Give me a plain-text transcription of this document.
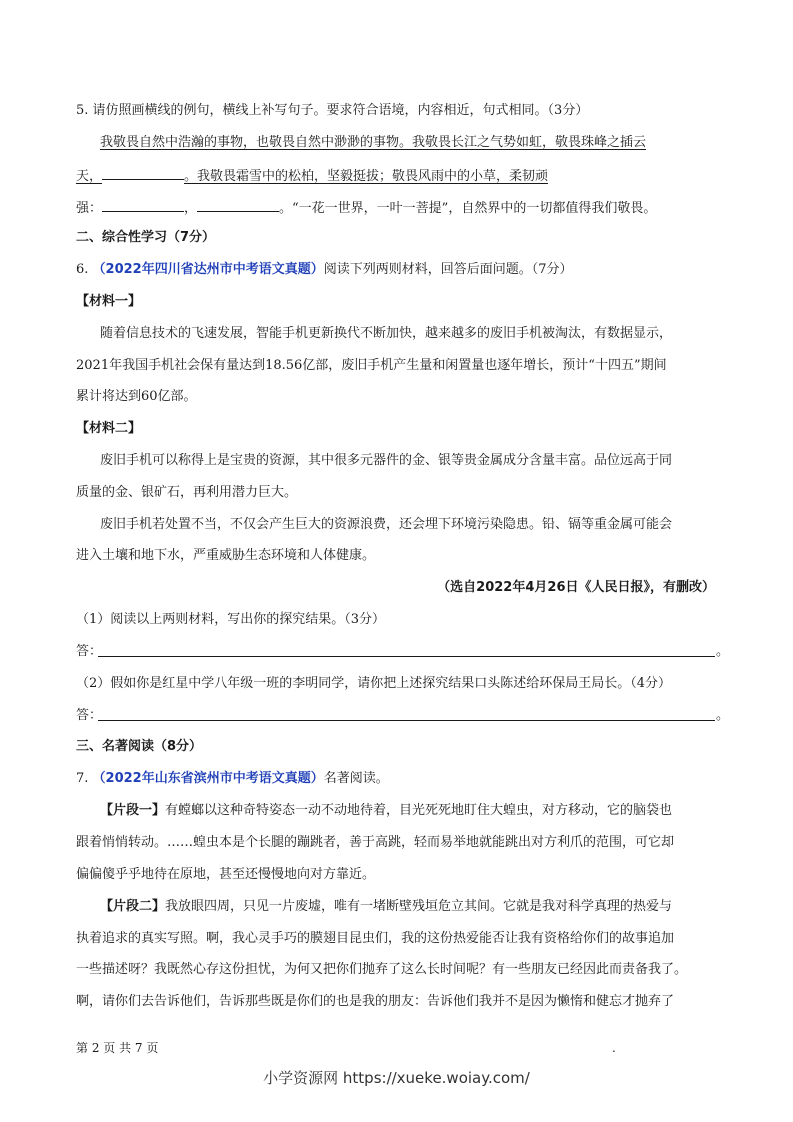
5. 请仿照画横线的例句，横线上补写句子。要求符合语境，内容相近，句式相同。（3分）
我敬畏自然中浩瀚的事物，也敬畏自然中渺渺的事物。我敬畏长江之气势如虹，敬畏珠峰之插云
天，	。我敬畏霜雪中的松柏，坚毅挺拔；敬畏风雨中的小草，柔韧顽
强：	，	。“一花一世界，一叶一菩提”，自然界中的一切都值得我们敬畏。
二、综合性学习（7分）
6. （2022年四川省达州市中考语文真题）阅读下列两则材料，回答后面问题。（7分）
【材料一】
随着信息技术的飞速发展，智能手机更新换代不断加快，越来越多的废旧手机被淘汰，有数据显示，
2021年我国手机社会保有量达到18.56亿部，废旧手机产生量和闲置量也逐年增长，预计“十四五”期间
累计将达到60亿部。
【材料二】
废旧手机可以称得上是宝贵的资源，其中很多元器件的金、银等贵金属成分含量丰富。品位远高于同
质量的金、银矿石，再利用潜力巨大。
废旧手机若处置不当，不仅会产生巨大的资源浪费，还会埋下环境污染隐患。铅、镉等重金属可能会
进入土壤和地下水，严重威胁生态环境和人体健康。
（选自2022年4月26日《人民日报》，有删改）
（1）阅读以上两则材料，写出你的探究结果。（3分）
答：	。
（2）假如你是红星中学八年级一班的李明同学，请你把上述探究结果口头陈述给环保局王局长。（4分）
答：	。
三、名著阅读（8分）
7. （2022年山东省滨州市中考语文真题）名著阅读。
【片段一】有螳螂以这种奇特姿态一动不动地待着，目光死死地盯住大蝗虫，对方移动，它的脑袋也
跟着悄悄转动。……蝗虫本是个长腿的蹦跳者，善于高跳，轻而易举地就能跳出对方利爪的范围，可它却
偏偏傻乎乎地待在原地，甚至还慢慢地向对方靠近。
【片段二】我放眼四周，只见一片废墟，唯有一堵断壁残垣危立其间。它就是我对科学真理的热爱与
执着追求的真实写照。啊，我心灵手巧的膜翅目昆虫们，我的这份热爱能否让我有资格给你们的故事追加
一些描述呀？我既然心存这份担忧，为何又把你们抛弃了这么长时间呢？有一些朋友已经因此而责备我了。
啊，请你们去告诉他们，告诉那些既是你们的也是我的朋友：告诉他们我并不是因为懒惰和健忘才抛弃了
第 2 页 共 7 页	.
小学资源网 https://xueke.woiay.com/
